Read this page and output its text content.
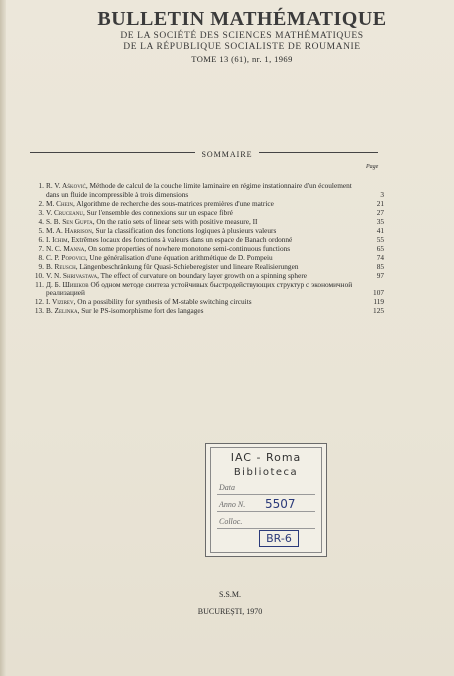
BULLETIN MATHÉMATIQUE
DE LA SOCIÉTÉ DES SCIENCES MATHÉMATIQUES
DE LA RÉPUBLIQUE SOCIALISTE DE ROUMANIE
TOME 13 (61), nr. 1, 1969
SOMMAIRE
Page
1. R. V. Ašković, Méthode de calcul de la couche limite laminaire en régime instationnaire d'un écoulement dans un fluide incompressible à trois dimensions	3
2. M. Chein, Algorithme de recherche des sous-matrices premières d'une matrice	21
3. V. Cruceanu, Sur l'ensemble des connexions sur un espace fibré	27
4. S. B. Sen Gupta, On the ratio sets of linear sets with positive measure, II	35
5. M. A. Harrison, Sur la classification des fonctions logiques à plusieurs valeurs	41
6. I. Ichim, Extrêmes locaux des fonctions à valeurs dans un espace de Banach ordonné	55
7. N. C. Manna, On some properties of nowhere monotone semi-continuous functions	65
8. C. P. Popovici, Une généralisation d'une équation arithmétique de D. Pompeiu	74
9. B. Reusch, Längenbeschränkung für Quasi-Schieberegister und lineare Realisierungen	85
10. V. N. Shrivastava, The effect of curvature on boundary layer growth on a spinning sphere	97
11. Д. Б. Шишков Об одном методе синтеза устойчивых быстродействующих структур с экономичной реализацией	107
12. I. Vizirev, On a possibility for synthesis of M-stable switching circuits	119
13. B. Zelinka, Sur le PS-isomorphisme fort des langages	125
IAC - Roma
Biblioteca
Data
Anno N. 5507
Colloc.
BR-6
S.S.M.
BUCUREȘTI, 1970
